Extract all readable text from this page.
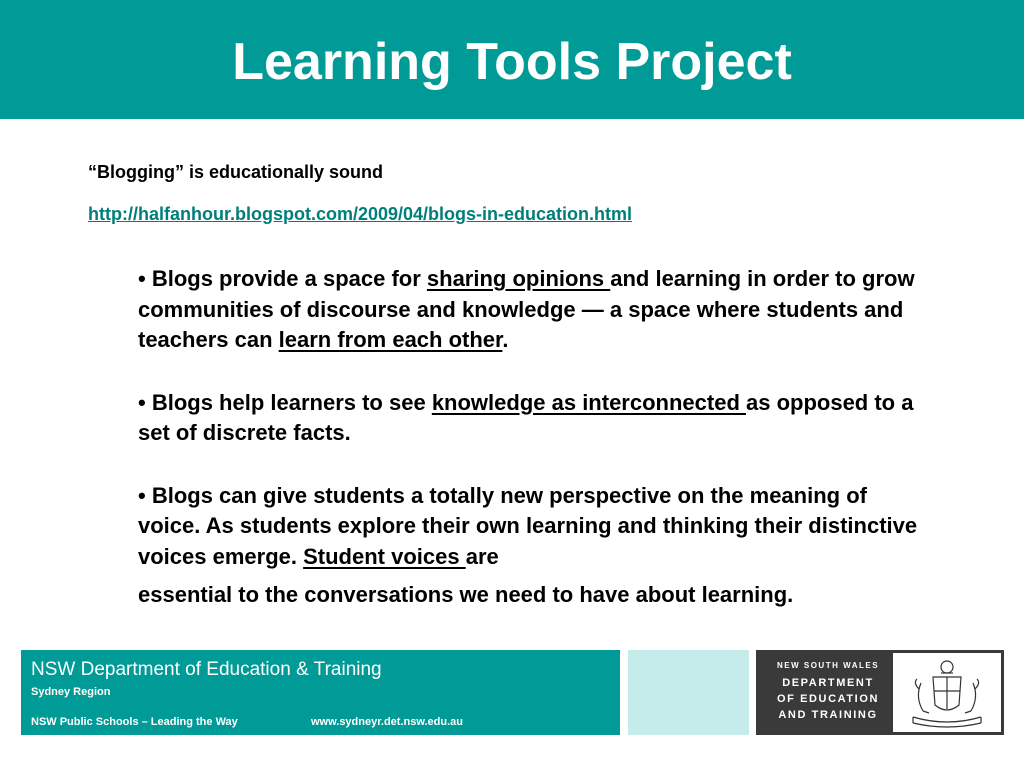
Learning Tools Project
“Blogging” is educationally sound
http://halfanhour.blogspot.com/2009/04/blogs-in-education.html
• Blogs provide a space for sharing opinions and learning in order to grow communities of discourse and knowledge — a space where students and teachers can learn from each other.
• Blogs help learners to see knowledge as interconnected as opposed to a set of discrete facts.
• Blogs can give students a totally new perspective on the meaning of voice. As students explore their own learning and thinking their distinctive voices emerge. Student voices are
essential to the conversations we need to have about learning.
NSW Department of Education & Training
Sydney Region
NSW Public Schools – Leading the Way	www.sydneyr.det.nsw.edu.au
NEW SOUTH WALES
DEPARTMENT
OF EDUCATION
AND TRAINING
